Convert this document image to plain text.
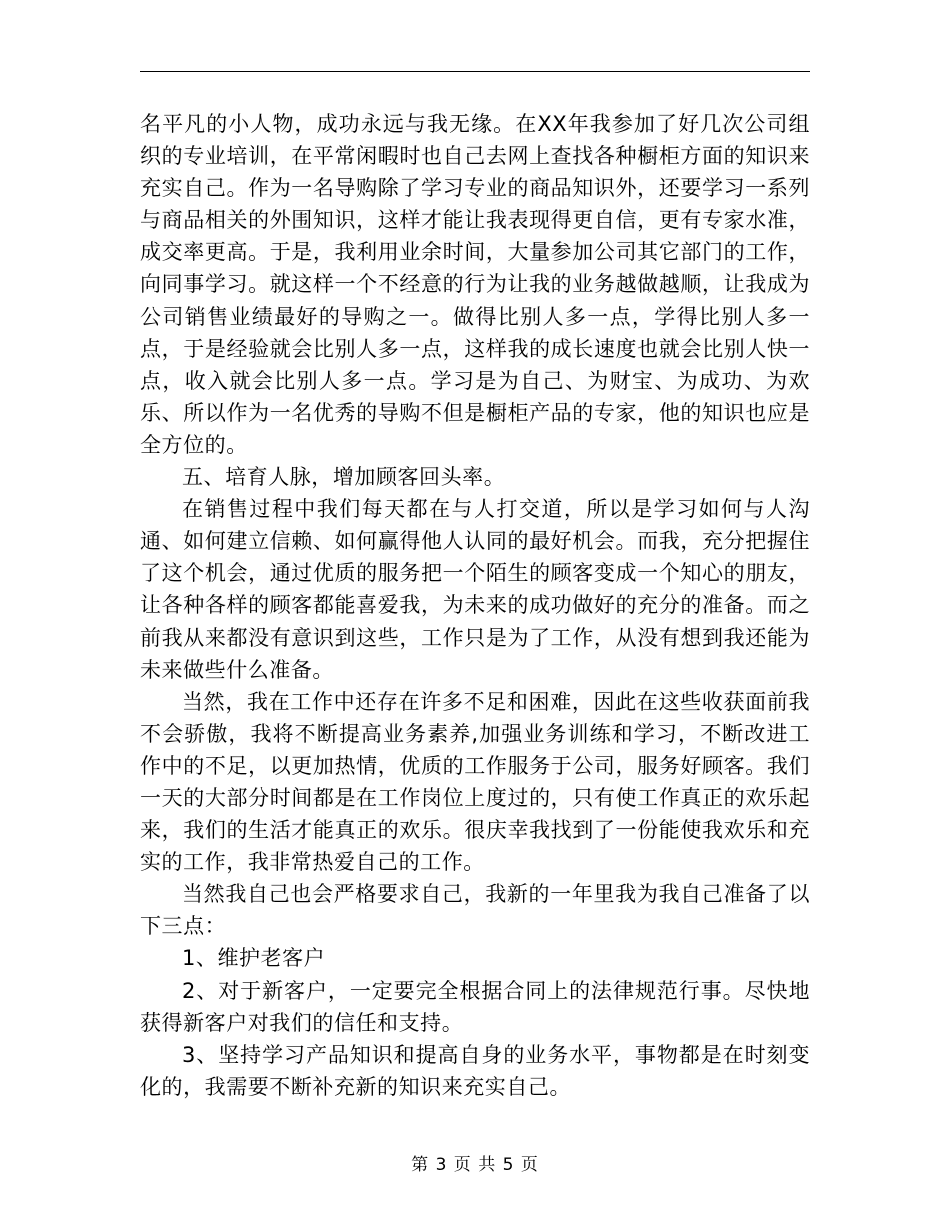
名平凡的小人物，成功永远与我无缘。在XX年我参加了好几次公司组织的专业培训，在平常闲暇时也自己去网上查找各种橱柜方面的知识来充实自己。作为一名导购除了学习专业的商品知识外，还要学习一系列与商品相关的外围知识，这样才能让我表现得更自信，更有专家水准，成交率更高。于是，我利用业余时间，大量参加公司其它部门的工作，向同事学习。就这样一个不经意的行为让我的业务越做越顺，让我成为公司销售业绩最好的导购之一。做得比别人多一点，学得比别人多一点，于是经验就会比别人多一点，这样我的成长速度也就会比别人快一点，收入就会比别人多一点。学习是为自己、为财宝、为成功、为欢乐、所以作为一名优秀的导购不但是橱柜产品的专家，他的知识也应是全方位的。

五、培育人脉，增加顾客回头率。

在销售过程中我们每天都在与人打交道，所以是学习如何与人沟通、如何建立信赖、如何赢得他人认同的最好机会。而我，充分把握住了这个机会，通过优质的服务把一个陌生的顾客变成一个知心的朋友，让各种各样的顾客都能喜爱我，为未来的成功做好的充分的准备。而之前我从来都没有意识到这些，工作只是为了工作，从没有想到我还能为未来做些什么准备。

当然，我在工作中还存在许多不足和困难，因此在这些收获面前我不会骄傲，我将不断提高业务素养,加强业务训练和学习，不断改进工作中的不足，以更加热情，优质的工作服务于公司，服务好顾客。我们一天的大部分时间都是在工作岗位上度过的，只有使工作真正的欢乐起来，我们的生活才能真正的欢乐。很庆幸我找到了一份能使我欢乐和充实的工作，我非常热爱自己的工作。

当然我自己也会严格要求自己，我新的一年里我为我自己准备了以下三点：

1、维护老客户

2、对于新客户，一定要完全根据合同上的法律规范行事。尽快地获得新客户对我们的信任和支持。

3、坚持学习产品知识和提高自身的业务水平，事物都是在时刻变化的，我需要不断补充新的知识来充实自己。

第 3 页 共 5 页
